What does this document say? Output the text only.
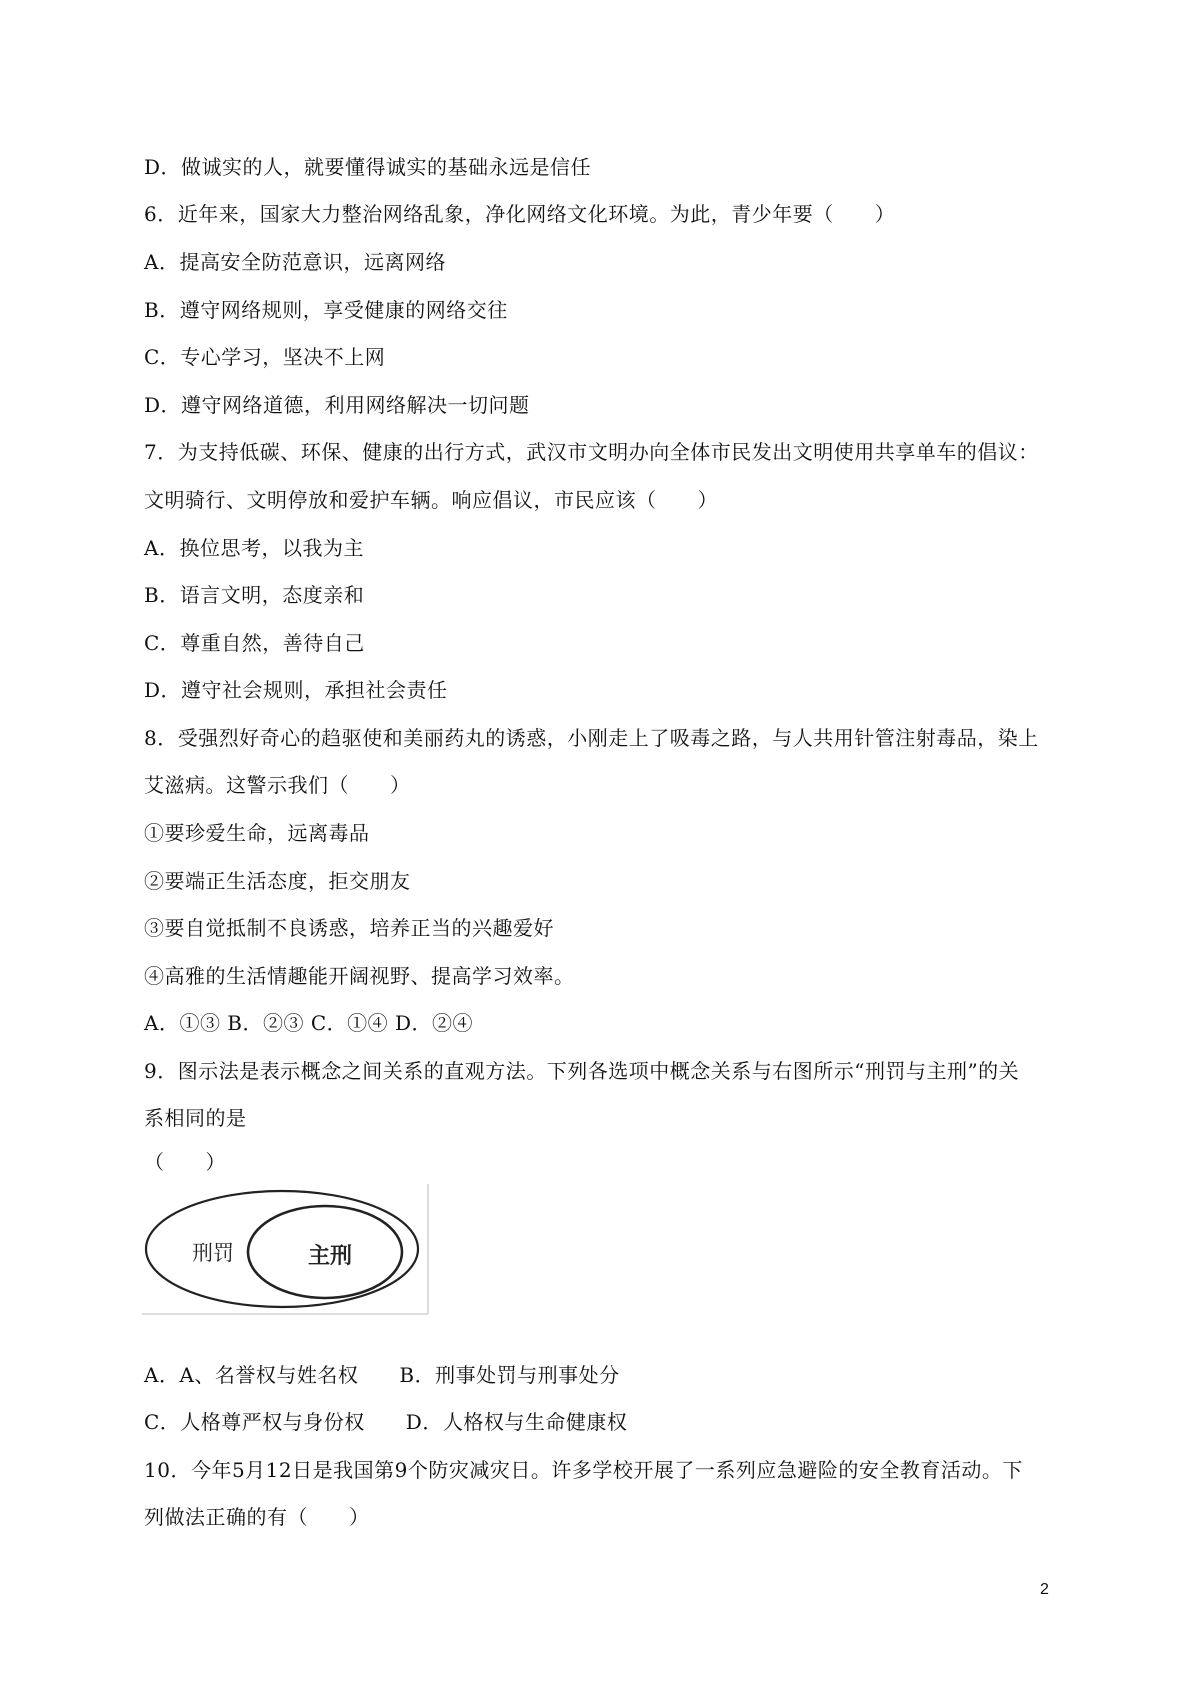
D．做诚实的人，就要懂得诚实的基础永远是信任
6．近年来，国家大力整治网络乱象，净化网络文化环境。为此，青少年要（　　）
A．提高安全防范意识，远离网络
B．遵守网络规则，享受健康的网络交往
C．专心学习，坚决不上网
D．遵守网络道德，利用网络解决一切问题
7．为支持低碳、环保、健康的出行方式，武汉市文明办向全体市民发出文明使用共享单车的倡议：
文明骑行、文明停放和爱护车辆。响应倡议，市民应该（　　）
A．换位思考，以我为主
B．语言文明，态度亲和
C．尊重自然，善待自己
D．遵守社会规则，承担社会责任
8．受强烈好奇心的趋驱使和美丽药丸的诱惑，小刚走上了吸毒之路，与人共用针管注射毒品，染上
艾滋病。这警示我们（　　）
①要珍爱生命，远离毒品
②要端正生活态度，拒交朋友
③要自觉抵制不良诱惑，培养正当的兴趣爱好
④高雅的生活情趣能开阔视野、提高学习效率。
A．①③ B．②③ C．①④ D．②④
9．图示法是表示概念之间关系的直观方法。下列各选项中概念关系与右图所示“刑罚与主刑”的关
系相同的是
（　　）
刑罚	主刑
A．A、名誉权与姓名权　　B．刑事处罚与刑事处分
C．人格尊严权与身份权　　D．人格权与生命健康权
10．今年5月12日是我国第9个防灾减灾日。许多学校开展了一系列应急避险的安全教育活动。下
列做法正确的有（　　）
2
